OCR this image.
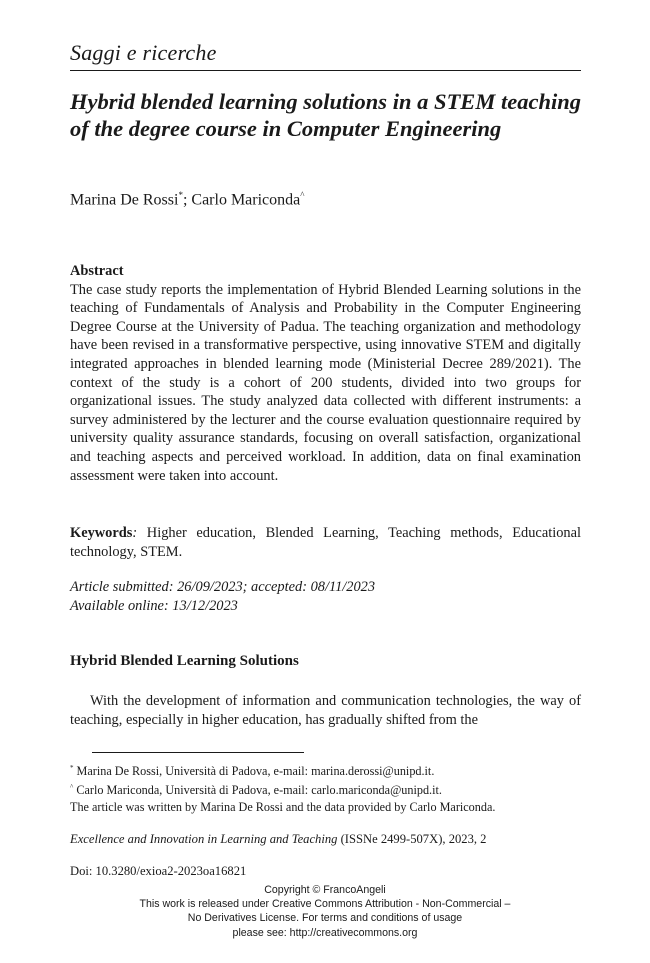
Saggi e ricerche
Hybrid blended learning solutions in a STEM teaching of the degree course in Computer Engineering
Marina De Rossi*; Carlo Mariconda^

Abstract

The case study reports the implementation of Hybrid Blended Learning solutions in the teaching of Fundamentals of Analysis and Probability in the Computer Engineering Degree Course at the University of Padua. The teaching organization and methodology have been revised in a transformative perspective, using innovative STEM and digitally integrated approaches in blended learning mode (Ministerial Decree 289/2021). The context of the study is a cohort of 200 students, divided into two groups for organizational issues. The study analyzed data collected with different instruments: a survey administered by the lecturer and the course evaluation questionnaire required by university quality assurance standards, focusing on overall satisfaction, organizational and teaching aspects and perceived workload. In addition, data on final examination assessment were taken into account.

Keywords: Higher education, Blended Learning, Teaching methods, Educational technology, STEM.

Article submitted: 26/09/2023; accepted: 08/11/2023
Available online: 13/12/2023
Hybrid Blended Learning Solutions

With the development of information and communication technologies, the way of teaching, especially in higher education, has gradually shifted from the

* Marina De Rossi, Università di Padova, e-mail: marina.derossi@unipd.it.
^ Carlo Mariconda, Università di Padova, e-mail: carlo.mariconda@unipd.it.
The article was written by Marina De Rossi and the data provided by Carlo Mariconda.
Excellence and Innovation in Learning and Teaching (ISSNe 2499-507X), 2023, 2
Doi: 10.3280/exioa2-2023oa16821
Copyright © FrancoAngeli
This work is released under Creative Commons Attribution - Non-Commercial –
No Derivatives License. For terms and conditions of usage
please see: http://creativecommons.org
